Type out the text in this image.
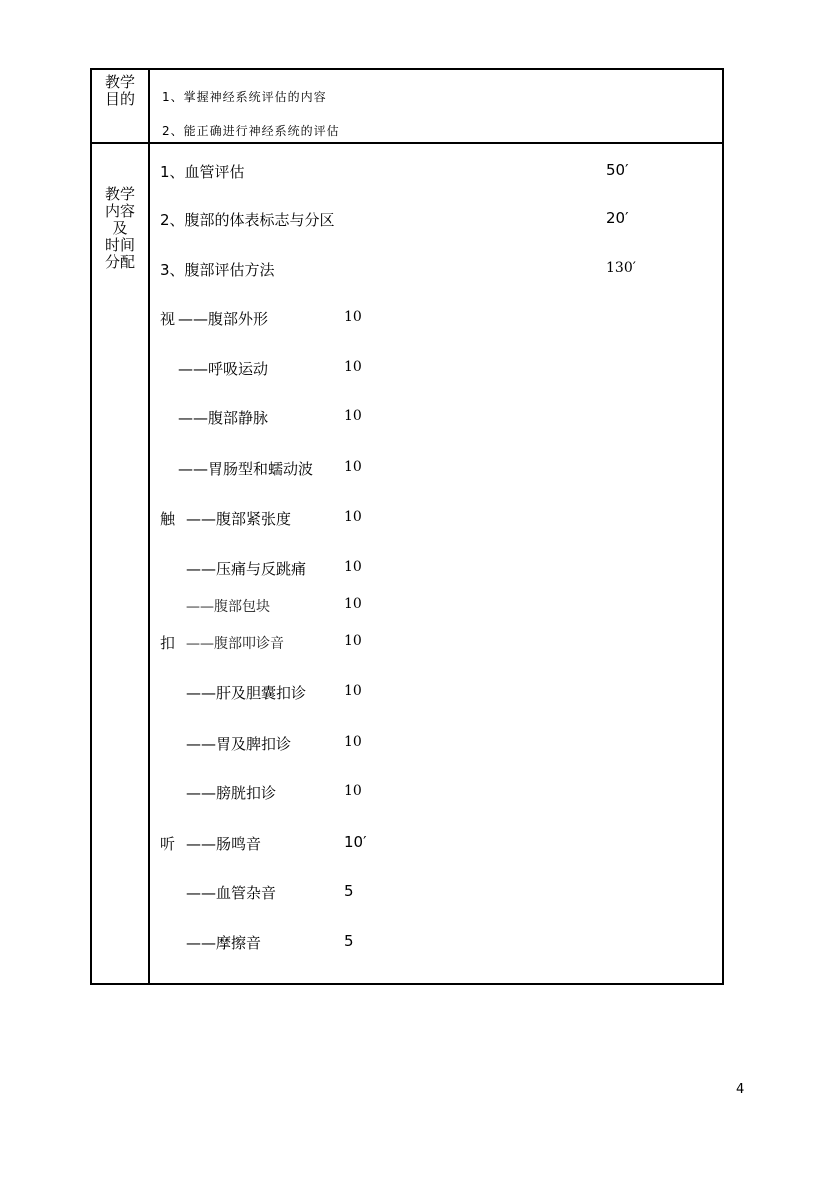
教学
目的	1、掌握神经系统评估的内容
2、能正确进行神经系统的评估
教学
内容
及
时间
分配
1、血管评估	50′
2、腹部的体表标志与分区	20′
3、腹部评估方法	130′
视 ——腹部外形	10
——呼吸运动	10
——腹部静脉	10
——胃肠型和蠕动波 10
触 ——腹部紧张度	10
——压痛与反跳痛	10
——腹部包块	10
扣 ——腹部叩诊音	10
——肝及胆囊扣诊	10
——胃及脾扣诊	10
——膀胱扣诊	10
听 ——肠鸣音	10′
——血管杂音	5
——摩擦音	5
4
